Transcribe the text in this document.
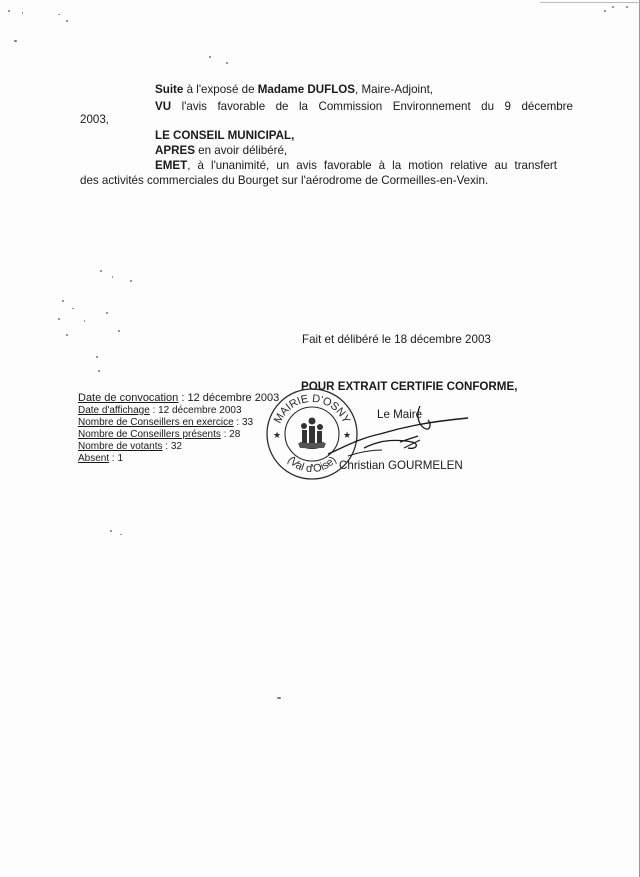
Suite à l'exposé de Madame DUFLOS, Maire-Adjoint,
VU l'avis favorable de la Commission Environnement du 9 décembre
2003,
LE CONSEIL MUNICIPAL,
APRES en avoir délibéré,
EMET, à l'unanimité, un avis favorable à la motion relative au transfert
des activités commerciales du Bourget sur l'aérodrome de Cormeilles-en-Vexin.
Fait et délibéré le 18 décembre 2003
POUR EXTRAIT CERTIFIE CONFORME,
Le Maire
Christian GOURMELEN
Date de convocation : 12 décembre 2003
Date d'affichage : 12 décembre 2003
Nombre de Conseillers en exercice : 33
Nombre de Conseillers présents : 28
Nombre de votants : 32
Absent : 1
MAIRIE D'OSNY
(Val d'Oise)
★	★
